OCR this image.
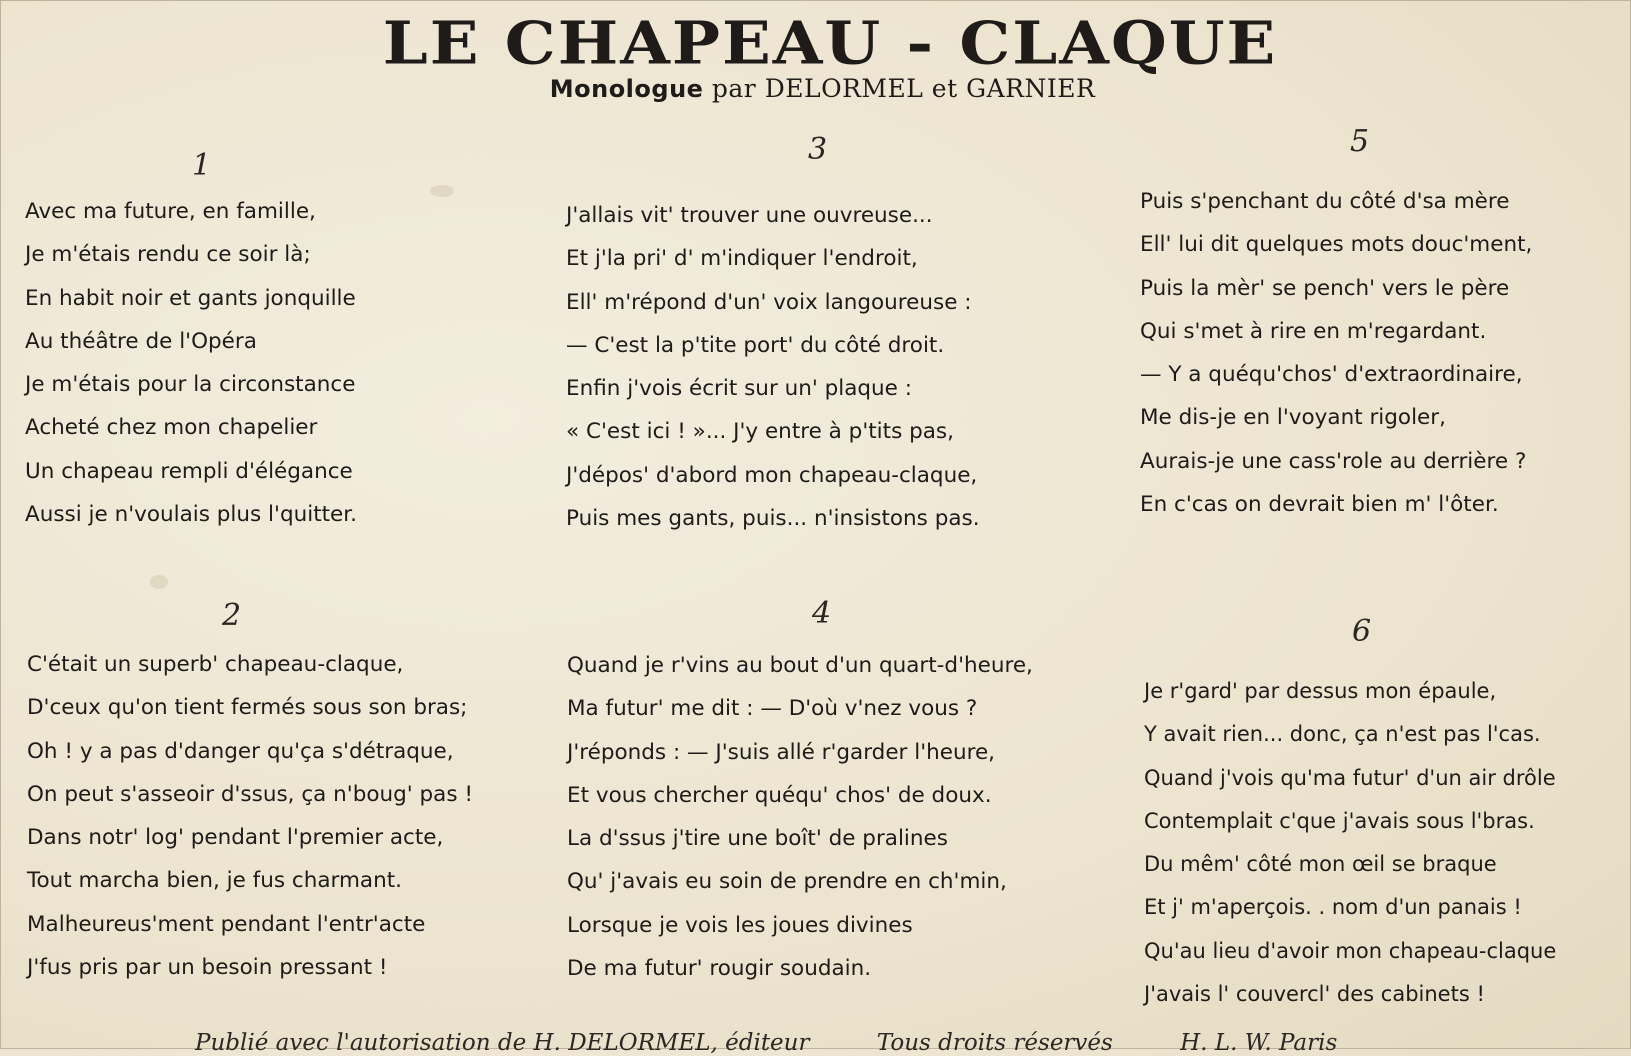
LE CHAPEAU - CLAQUE
Monologue par DELORMEL et GARNIER
1
Avec ma future, en famille,
Je m'étais rendu ce soir là;
En habit noir et gants jonquille
Au théâtre de l'Opéra
Je m'étais pour la circonstance
Acheté chez mon chapelier
Un chapeau rempli d'élégance
Aussi je n'voulais plus l'quitter.
2
C'était un superb' chapeau-claque,
D'ceux qu'on tient fermés sous son bras;
Oh ! y a pas d'danger qu'ça s'détraque,
On peut s'asseoir d'ssus, ça n'boug' pas !
Dans notr' log' pendant l'premier acte,
Tout marcha bien, je fus charmant.
Malheureus'ment pendant l'entr'acte
J'fus pris par un besoin pressant !
3
J'allais vit' trouver une ouvreuse...
Et j'la pri' d' m'indiquer l'endroit,
Ell' m'répond d'un' voix langoureuse :
— C'est la p'tite port' du côté droit.
Enfin j'vois écrit sur un' plaque :
« C'est ici ! »... J'y entre à p'tits pas,
J'dépos' d'abord mon chapeau-claque,
Puis mes gants, puis... n'insistons pas.
4
Quand je r'vins au bout d'un quart-d'heure,
Ma futur' me dit : — D'où v'nez vous ?
J'réponds : — J'suis allé r'garder l'heure,
Et vous chercher quéqu' chos' de doux.
La d'ssus j'tire une boît' de pralines
Qu' j'avais eu soin de prendre en ch'min,
Lorsque je vois les joues divines
De ma futur' rougir soudain.
5
Puis s'penchant du côté d'sa mère
Ell' lui dit quelques mots douc'ment,
Puis la mèr' se pench' vers le père
Qui s'met à rire en m'regardant.
— Y a quéqu'chos' d'extraordinaire,
Me dis-je en l'voyant rigoler,
Aurais-je une cass'role au derrière ?
En c'cas on devrait bien m' l'ôter.
6
Je r'gard' par dessus mon épaule,
Y avait rien... donc, ça n'est pas l'cas.
Quand j'vois qu'ma futur' d'un air drôle
Contemplait c'que j'avais sous l'bras.
Du mêm' côté mon œil se braque
Et j' m'aperçois. . nom d'un panais !
Qu'au lieu d'avoir mon chapeau-claque
J'avais l' couvercl' des cabinets !
Publié avec l'autorisation de H. DELORMEL, éditeur	Tous droits réservés	H. L. W. Paris
